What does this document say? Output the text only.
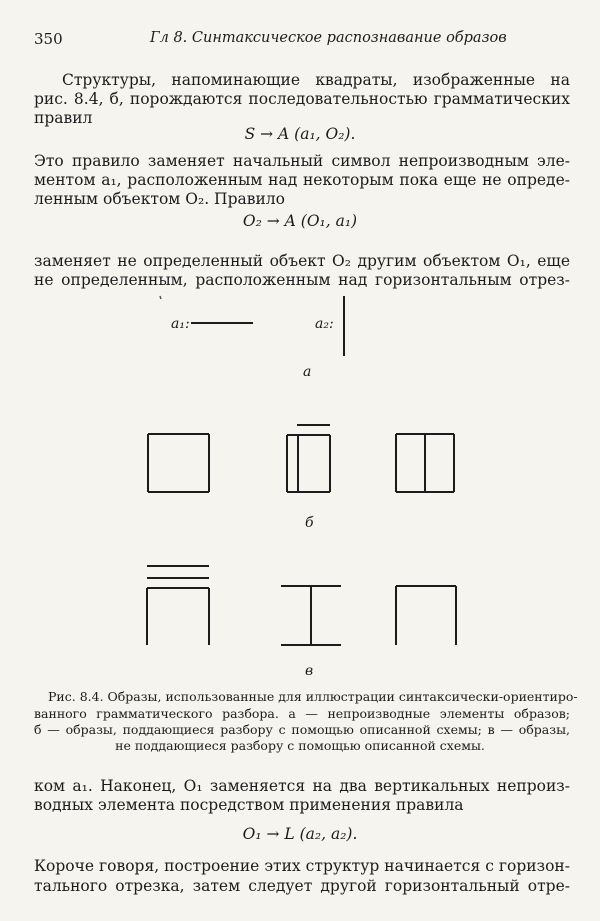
350	Гл 8. Синтаксическое распознавание образов
Структуры, напоминающие квадраты, изображенные на
рис. 8.4, б, порождаются последовательностью грамматических
правил
S → A (a₁, O₂).
Это правило заменяет начальный символ непроизводным эле-
ментом a₁, расположенным над некоторым пока еще не опреде-
ленным объектом O₂. Правило
O₂ → A (O₁, a₁)
заменяет не определенный объект O₂ другим объектом O₁, еще
не определенным, расположенным над горизонтальным отрез-
a₁:	a₂:
а
б
в
Рис. 8.4. Образы, использованные для иллюстрации синтаксически-ориентиро-
ванного грамматического разбора. а — непроизводные элементы образов;
б — образы, поддающиеся разбору с помощью описанной схемы; в — образы,
не поддающиеся разбору с помощью описанной схемы.
ком a₁. Наконец, O₁ заменяется на два вертикальных непроиз-
водных элемента посредством применения правила
O₁ → L (a₂, a₂).
Короче говоря, построение этих структур начинается с горизон-
тального отрезка, затем следует другой горизонтальный отре-
